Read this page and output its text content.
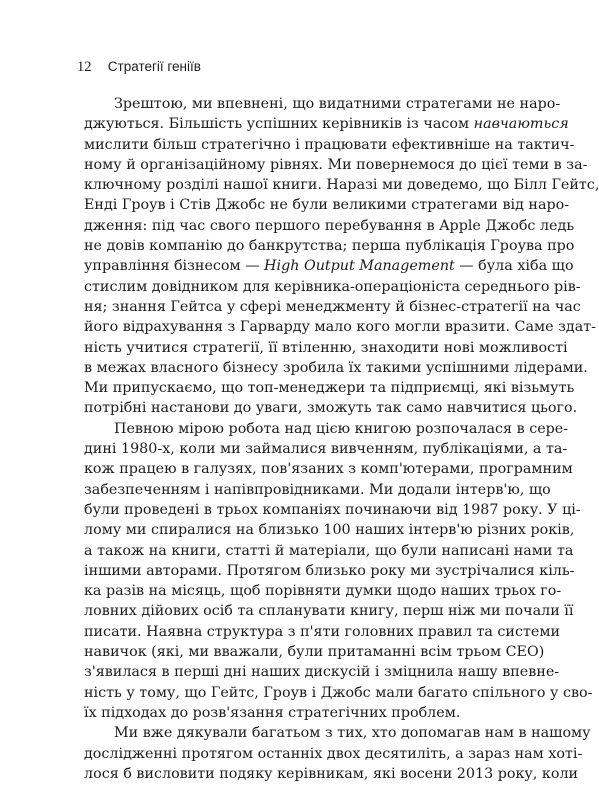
12 Стратегії геніїв
Зрештою, ми впевнені, що видатними стратегами не наро-
джуються. Більшість успішних керівників із часом навчаються
мислити більш стратегічно і працювати ефективніше на тактич-
ному й організаційному рівнях. Ми повернемося до цієї теми в за-
ключному розділі нашої книги. Наразі ми доведемо, що Білл Гейтс,
Енді Гроув і Стів Джобс не були великими стратегами від наро-
дження: під час свого першого перебування в Apple Джобс ледь
не довів компанію до банкрутства; перша публікація Гроува про
управління бізнесом — High Output Management — була хіба що
стислим довідником для керівника-операціоніста середнього рів-
ня; знання Гейтса у сфері менеджменту й бізнес-стратегії на час
його відрахування з Гарварду мало кого могли вразити. Саме здат-
ність учитися стратегії, її втіленню, знаходити нові можливості
в межах власного бізнесу зробила їх такими успішними лідерами.
Ми припускаємо, що топ-менеджери та підприємці, які візьмуть
потрібні настанови до уваги, зможуть так само навчитися цього.
Певною мірою робота над цією книгою розпочалася в сере-
дині 1980-х, коли ми займалися вивченням, публікаціями, а та-
кож працею в галузях, пов'язаних з комп'ютерами, програмним
забезпеченням і напівпровідниками. Ми додали інтерв'ю, що
були проведені в трьох компаніях починаючи від 1987 року. У ці-
лому ми спиралися на близько 100 наших інтерв'ю різних років,
а також на книги, статті й матеріали, що були написані нами та
іншими авторами. Протягом близько року ми зустрічалися кіль-
ка разів на місяць, щоб порівняти думки щодо наших трьох го-
ловних дійових осіб та спланувати книгу, перш ніж ми почали її
писати. Наявна структура з п'яти головних правил та системи
навичок (які, ми вважали, були притаманні всім трьом CEO)
з'явилася в перші дні наших дискусій і зміцнила нашу впевне-
ність у тому, що Гейтс, Гроув і Джобс мали багато спільного у сво-
їх підходах до розв'язання стратегічних проблем.
Ми вже дякували багатьом з тих, хто допомагав нам в нашому
дослідженні протягом останніх двох десятиліть, а зараз нам хоті-
лося б висловити подяку керівникам, які восени 2013 року, коли
